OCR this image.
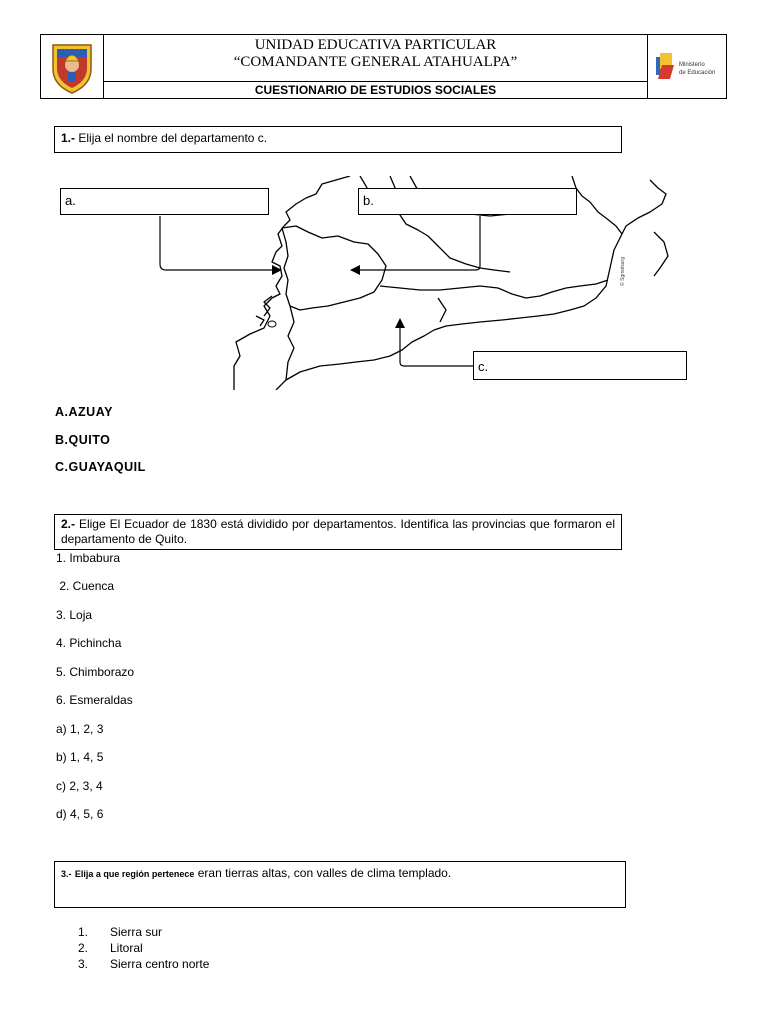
UNIDAD EDUCATIVA PARTICULAR
“COMANDANTE GENERAL ATAHUALPA”
CUESTIONARIO DE ESTUDIOS SOCIALES
Ministerio
de Educación
1.- Elija el nombre del departamento c.
© Sgmolsarg
a.	b.
c.
A.AZUAY
B.QUITO
C.GUAYAQUIL
2.- Elige El Ecuador de 1830 está dividido por departamentos. Identifica las provincias que formaron el departamento de Quito.
1. Imbabura
2. Cuenca
3. Loja
4. Pichincha
5. Chimborazo
6. Esmeraldas
a) 1, 2, 3
b) 1, 4, 5
c) 2, 3, 4
d) 4, 5, 6
3.- Elija a que región pertenece eran tierras altas, con valles de clima templado.
1. Sierra sur
2. Litoral
3. Sierra centro norte
